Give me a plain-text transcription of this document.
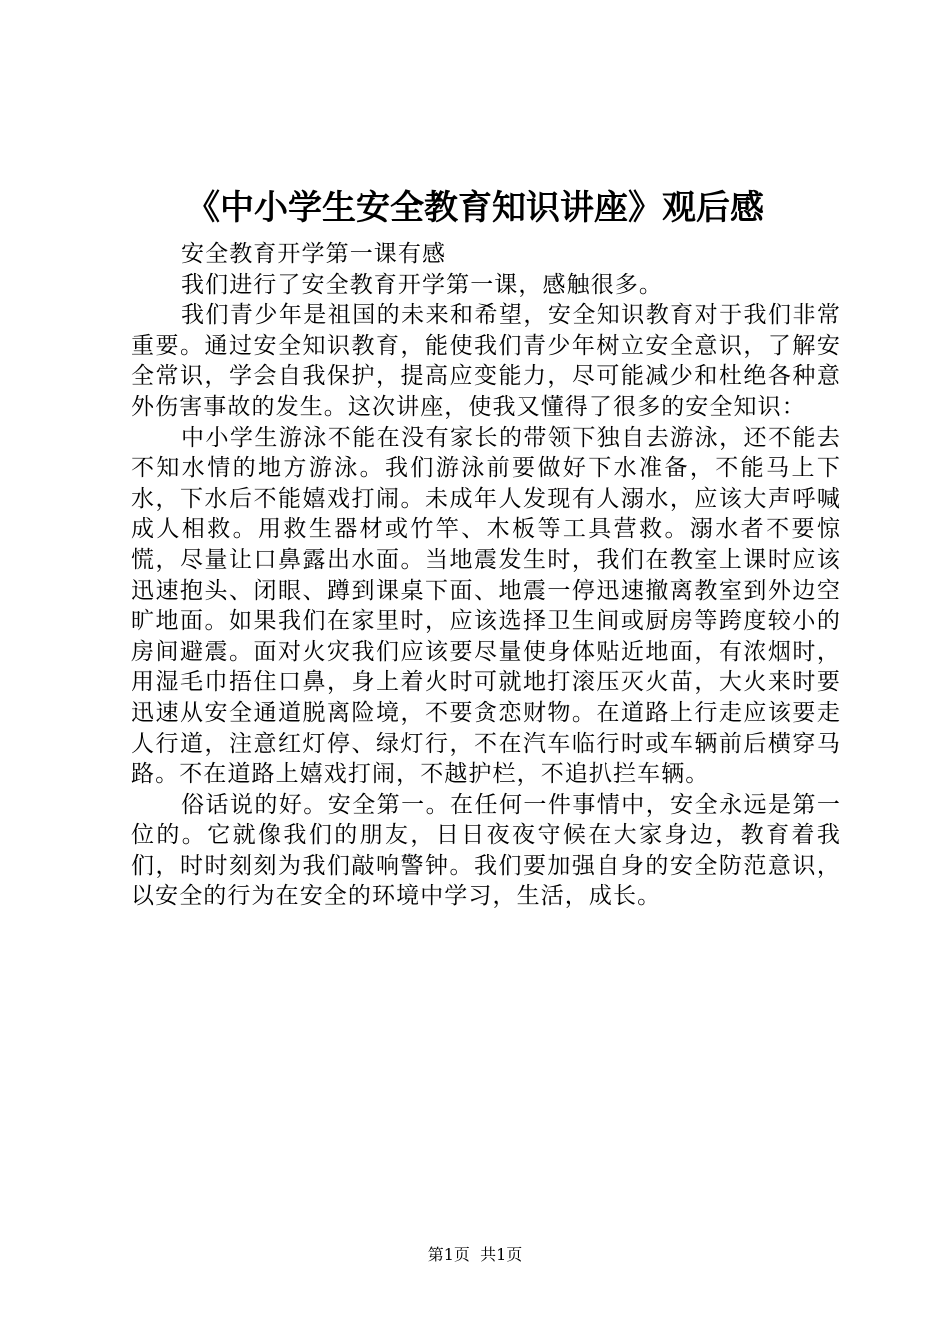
《中小学生安全教育知识讲座》观后感

安全教育开学第一课有感

我们进行了安全教育开学第一课，感触很多。

我们青少年是祖国的未来和希望，安全知识教育对于我们非常重要。通过安全知识教育，能使我们青少年树立安全意识，了解安全常识，学会自我保护，提高应变能力，尽可能减少和杜绝各种意外伤害事故的发生。这次讲座，使我又懂得了很多的安全知识：

中小学生游泳不能在没有家长的带领下独自去游泳，还不能去不知水情的地方游泳。我们游泳前要做好下水准备，不能马上下水，下水后不能嬉戏打闹。未成年人发现有人溺水，应该大声呼喊成人相救。用救生器材或竹竿、木板等工具营救。溺水者不要惊慌，尽量让口鼻露出水面。当地震发生时，我们在教室上课时应该迅速抱头、闭眼、蹲到课桌下面、地震一停迅速撤离教室到外边空旷地面。如果我们在家里时，应该选择卫生间或厨房等跨度较小的房间避震。面对火灾我们应该要尽量使身体贴近地面，有浓烟时，用湿毛巾捂住口鼻，身上着火时可就地打滚压灭火苗，大火来时要迅速从安全通道脱离险境，不要贪恋财物。在道路上行走应该要走人行道，注意红灯停、绿灯行，不在汽车临行时或车辆前后横穿马路。不在道路上嬉戏打闹，不越护栏，不追扒拦车辆。

俗话说的好。安全第一。在任何一件事情中，安全永远是第一位的。它就像我们的朋友，日日夜夜守候在大家身边，教育着我们，时时刻刻为我们敲响警钟。我们要加强自身的安全防范意识，以安全的行为在安全的环境中学习，生活，成长。

第1页 共1页
